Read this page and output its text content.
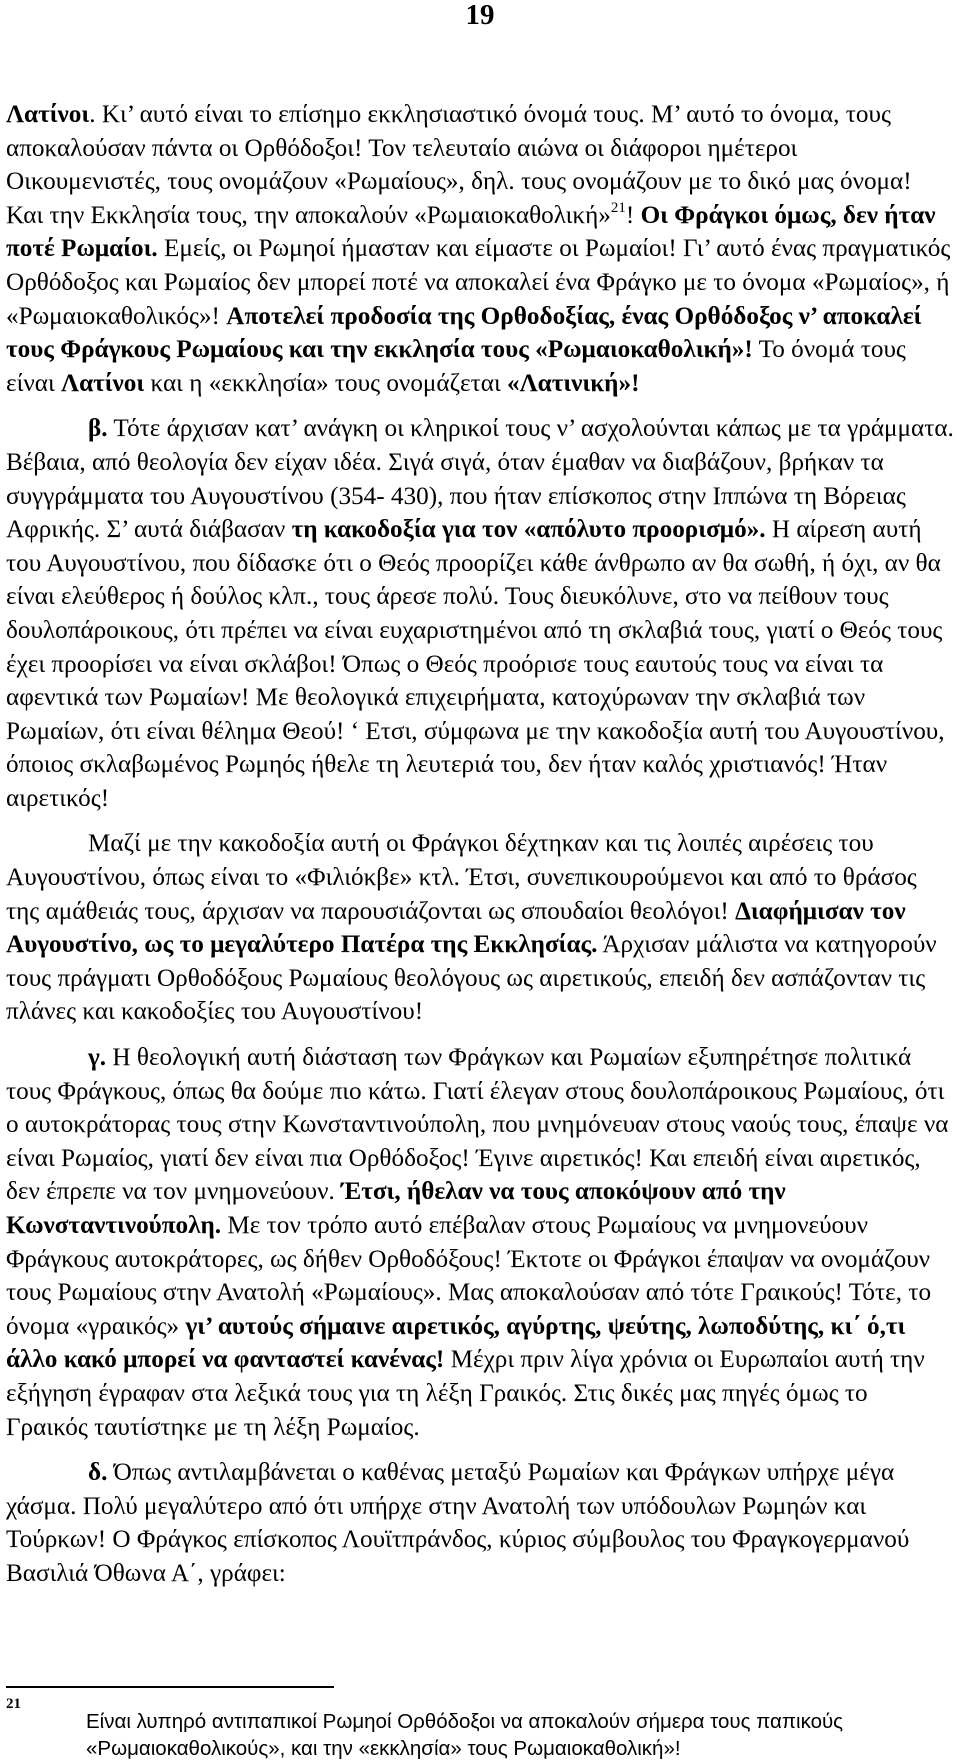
19

Λατίνοι. Κι’ αυτό είναι το επίσημο εκκλησιαστικό όνομά τους. Μ’ αυτό το όνομα, τους αποκαλούσαν πάντα οι Ορθόδοξοι! Τον τελευταίο αιώνα οι διάφοροι ημέτεροι Οικουμενιστές, τους ονομάζουν «Ρωμαίους», δηλ. τους ονομάζουν με το δικό μας όνομα! Και την Εκκλησία τους, την αποκαλούν «Ρωμαιοκαθολική»$^{21}$! Οι Φράγκοι όμως, δεν ήταν ποτέ Ρωμαίοι. Εμείς, οι Ρωμηοί ήμασταν και είμαστε οι Ρωμαίοι! Γι’ αυτό ένας πραγματικός Ορθόδοξος και Ρωμαίος δεν μπορεί ποτέ να αποκαλεί ένα Φράγκο με το όνομα «Ρωμαίος», ή «Ρωμαιοκαθολικός»! Αποτελεί προδοσία της Ορθοδοξίας, ένας Ορθόδοξος ν’ αποκαλεί τους Φράγκους Ρωμαίους και την εκκλησία τους «Ρωμαιοκαθολική»! Το όνομά τους είναι Λατίνοι και η «εκκλησία» τους ονομάζεται «Λατινική»!

β. Τότε άρχισαν κατ’ ανάγκη οι κληρικοί τους ν’ ασχολούνται κάπως με τα γράμματα. Βέβαια, από θεολογία δεν είχαν ιδέα. Σιγά σιγά, όταν έμαθαν να διαβάζουν, βρήκαν τα συγγράμματα του Αυγουστίνου (354- 430), που ήταν επίσκοπος στην Ιππώνα τη Βόρειας Αφρικής. Σ’ αυτά διάβασαν τη κακοδοξία για τον «απόλυτο προορισμό». Η αίρεση αυτή του Αυγουστίνου, που δίδασκε ότι ο Θεός προορίζει κάθε άνθρωπο αν θα σωθή, ή όχι, αν θα είναι ελεύθερος ή δούλος κλπ., τους άρεσε πολύ. Τους διευκόλυνε, στο να πείθουν τους δουλοπάροικους, ότι πρέπει να είναι ευχαριστημένοι από τη σκλαβιά τους, γιατί ο Θεός τους έχει προορίσει να είναι σκλάβοι! Όπως ο Θεός προόρισε τους εαυτούς τους να είναι τα αφεντικά των Ρωμαίων! Με θεολογικά επιχειρήματα, κατοχύρωναν την σκλαβιά των Ρωμαίων, ότι είναι θέλημα Θεού! ‘ Ετσι, σύμφωνα με την κακοδοξία αυτή του Αυγουστίνου, όποιος σκλαβωμένος Ρωμηός ήθελε τη λευτεριά του, δεν ήταν καλός χριστιανός! Ήταν αιρετικός!

Μαζί με την κακοδοξία αυτή οι Φράγκοι δέχτηκαν και τις λοιπές αιρέσεις του Αυγουστίνου, όπως είναι το «Φιλιόκβε» κτλ. Έτσι, συνεπικουρούμενοι και από το θράσος της αμάθειάς τους, άρχισαν να παρουσιάζονται ως σπουδαίοι θεολόγοι! Διαφήμισαν τον Αυγουστίνο, ως το μεγαλύτερο Πατέρα της Εκκλησίας. Άρχισαν μάλιστα να κατηγορούν τους πράγματι Ορθοδόξους Ρωμαίους θεολόγους ως αιρετικούς, επειδή δεν ασπάζονταν τις πλάνες και κακοδοξίες του Αυγουστίνου!

γ. Η θεολογική αυτή διάσταση των Φράγκων και Ρωμαίων εξυπηρέτησε πολιτικά τους Φράγκους, όπως θα δούμε πιο κάτω. Γιατί έλεγαν στους δουλοπάροικους Ρωμαίους, ότι ο αυτοκράτορας τους στην Κωνσταντινούπολη, που μνημόνευαν στους ναούς τους, έπαψε να είναι Ρωμαίος, γιατί δεν είναι πια Ορθόδοξος! Έγινε αιρετικός! Και επειδή είναι αιρετικός, δεν έπρεπε να τον μνημονεύουν. Έτσι, ήθελαν να τους αποκόψουν από την Κωνσταντινούπολη. Με τον τρόπο αυτό επέβαλαν στους Ρωμαίους να μνημονεύουν Φράγκους αυτοκράτορες, ως δήθεν Ορθοδόξους! Έκτοτε οι Φράγκοι έπαψαν να ονομάζουν τους Ρωμαίους στην Ανατολή «Ρωμαίους». Μας αποκαλούσαν από τότε Γραικούς! Τότε, το όνομα «γραικός» γι’ αυτούς σήμαινε αιρετικός, αγύρτης, ψεύτης, λωποδύτης, κι΄ ό,τι άλλο κακό μπορεί να φανταστεί κανένας! Μέχρι πριν λίγα χρόνια οι Ευρωπαίοι αυτή την εξήγηση έγραφαν στα λεξικά τους για τη λέξη Γραικός. Στις δικές μας πηγές όμως το Γραικός ταυτίστηκε με τη λέξη Ρωμαίος.

δ. Όπως αντιλαμβάνεται ο καθένας μεταξύ Ρωμαίων και Φράγκων υπήρχε μέγα χάσμα. Πολύ μεγαλύτερο από ότι υπήρχε στην Ανατολή των υπόδουλων Ρωμηών και Τούρκων! Ο Φράγκος επίσκοπος Λουϊτπράνδος, κύριος σύμβουλος του Φραγκογερμανού Βασιλιά Όθωνα Α΄, γράφει:

21

Είναι λυπηρό αντιπαπικοί Ρωμηοί Ορθόδοξοι να αποκαλούν σήμερα τους παπικούς

«Ρωμαιοκαθολικούς», και την «εκκλησία» τους Ρωμαιοκαθολική»!
